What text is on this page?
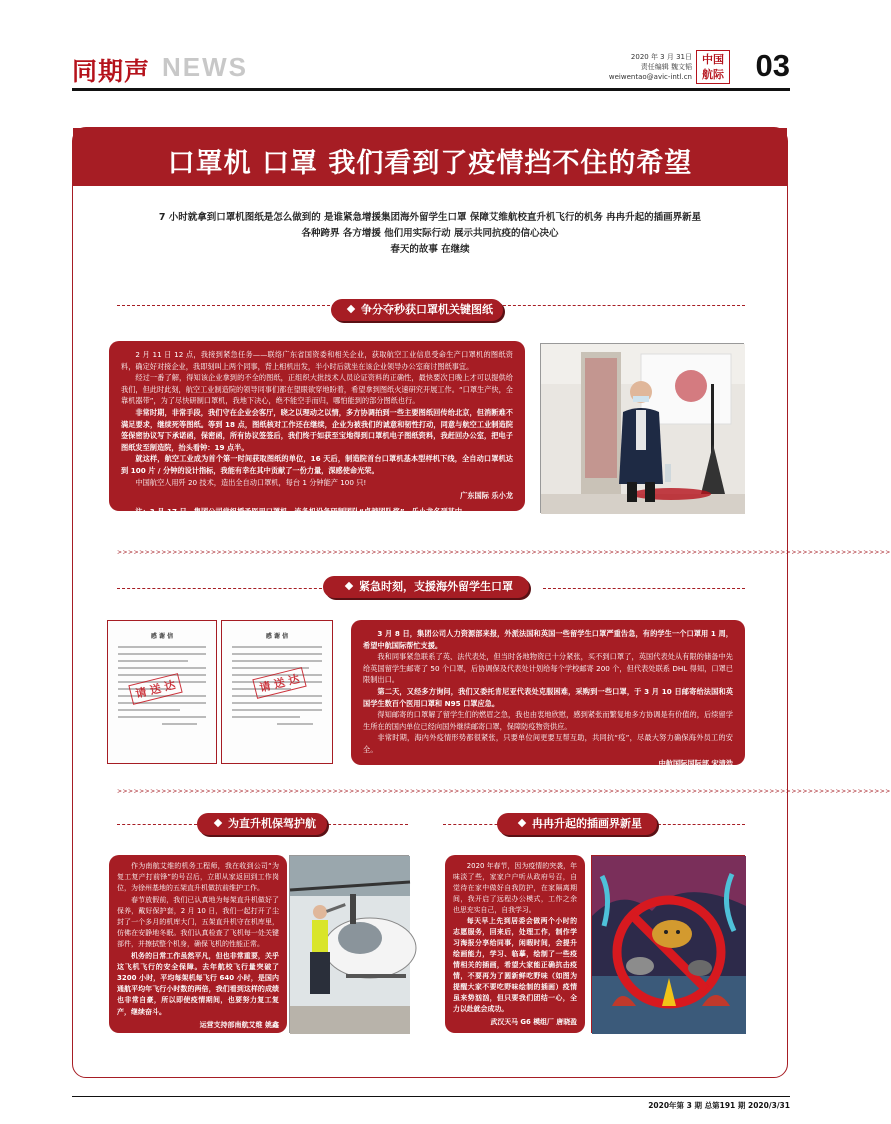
同期声 NEWS	2020 年 3 月 31日
责任编辑 魏文韬
weiwentao@avic-intl.cn
中国
航际 03
口罩机 口罩 我们看到了疫情挡不住的希望
7 小时就拿到口罩机图纸是怎么做到的 是谁紧急增援集团海外留学生口罩 保障艾维航校直升机飞行的机务 冉冉升起的插画界新星
各种跨界 各方增援 他们用实际行动 展示共同抗疫的信心决心
春天的故事 在继续
争分夺秒获口罩机关键图纸

2 月 11 日 12 点，我接到紧急任务——联络广东省国资委和相关企业，获取航空工业信息受命生产口罩机的图纸资料，确定好对接企业，我即刻叫上两个同事，背上相机出发，半小时后就坐在该企业领导办公室商讨图纸事宜。

经过一番了解，得知该企业拿到的不全的图纸，正组织大批技术人员论证资料的正确性，最快要次日晚上才可以提供给我们，但此时此刻，航空工业制造院的领导同事们都在望眼欲穿地盼着，希望拿到图纸火速研究开展工作。“口罩生产快，全靠机器带”，为了尽快研制口罩机，我地下决心，绝不能空手而归，哪怕能到的部分图纸也行。

非常时期，非常手段，我们守在企业会客厅，晓之以理动之以情，多方协调拍到一些主要图纸回传给北京，但消断难不满足要求，继续死等图纸。等到 18 点，图纸核对工作还在继续，企业为被我们的诚意和韧性打动，同意与航空工业制造院签保密协议写下承诺函，保密函，所有协议签签后，我们终于如获至宝地得到口罩机电子图纸资料，我赶回办公室，把电子图纸发至制造院，抬头看钟：19 点半。

就这样，航空工业成为首个第一时间获取图纸的单位，16 天后，制造院首台口罩机基本型样机下线，全自动口罩机达到 100 片 / 分钟的设计指标，我能有幸在其中贡献了一份力量，深感使命光荣。

中国航空人用歼 20 技术，造出全自动口罩机，每台 1 分钟能产 100 只!

广东国际 乐小龙

注：3 月 17 日，集团公司党组授予医用口罩机、连条机设备研制团队“卓越团队奖”，乐小龙名列其中。

>>>>>>>>>>>>>>>>>>>>>>>>>>>>>>>>>>>>>>>>>>>>>>>>>>>>>>>>>>>>>>>>>>>>>>>>>>>>>>>>>>>>>>>>>>>>>>>>>>>>>>>>>>>>>>>>>>>>>>>>>>>>>>>>>>>>>>>>>>>>
紧急时刻，支援海外留学生口罩
感 谢 信
请 送 达
感 谢 信
请 送 达

3 月 8 日，集团公司人力资源部来报，外派法国和英国一些留学生口罩严重告急，有的学生一个口罩用 1 周，希望中航国际帮忙支援。

我和同事紧急联系了英、法代表处，但当时各地物资已十分紧张，买不到口罩了，英国代表处从有限的储备中先给英国留学生邮寄了 50 个口罩，后协调保及代表处计划给每个学校邮寄 200 个，但代表处联系 DHL 得知，口罩已限制出口。

第二天，又经多方询问，我们又委托肯尼亚代表处克服困难，采购到一些口罩，于 3 月 10 日邮寄给法国和英国学生数百个医用口罩和 N95 口罩应急。

得知邮寄的口罩解了留学生们的燃眉之急，我也由衷地欣慰，感到紧张而繁复地多方协调是有价值的，后续留学生所在的国内单位已经向国外继续邮寄口罩，保障防疫物资供应。

非常时期，海内外疫情形势都很紧张，只要单位间更要互帮互助，共同抗“疫”，尽最大努力确保海外员工的安全。

中航国际国际部 宋清浩

注：图片为集团公司赴法国和英国访问学者、航空青年骨干留学项目学员发来的感谢信。

>>>>>>>>>>>>>>>>>>>>>>>>>>>>>>>>>>>>>>>>>>>>>>>>>>>>>>>>>>>>>>>>>>>>>>>>>>>>>>>>>>>>>>>>>>>>>>>>>>>>>>>>>>>>>>>>>>>>>>>>>>>>>>>>>>>>>>>>>>>>
为直升机保驾护航

作为南航艾维的机务工程师，我在收到公司“为复工复产打前锋”的号召后，立即从家返回到工作岗位，为徐州基地的五架直升机做抗前维护工作。

春节放假前，我们已认真地为每架直升机做好了保养，戴好保护套，2 月 10 日，我们一起打开了尘封了一个多月的机库大门，五架直升机守在机库里，仿佛在安静地冬眠。我们认真检查了飞机每一处关键部件，并擦拭整个机身，确保飞机的性能正常。

机务的日常工作虽然平凡，但也非常重要，关乎这飞机飞行的安全保障。去年航校飞行量突破了 3200 小时，平均每架机每飞行 640 小时，是国内通航平均年飞行小时数的两倍，我们看到这样的成绩也非常自豪，所以即使疫情期间，也要努力复工复产，继续奋斗。

运营支持部南航艾维 姚鑫

冉冉升起的插画界新星

2020 年春节，因为疫情的突袭，年味淡了些，家家户户听从政府号召，自觉待在家中做好自我防护，在家隔离期间，我开启了远程办公模式，工作之余也思充实自己，自我学习。

每天早上先到居委会做两个小时的志愿服务，回来后，处理工作，制作学习海报分享给同事，闲暇时间，会提升绘画能力，学习、临摹，绘制了一些疫情相关的插画，希望大家能正确抗击疫情，不要再为了圆新鲜吃野味（如图为提醒大家不要吃野味绘制的插画）疫情虽来势汹汹，但只要我们团结一心，全力以赴就会成功。

武汉天马 G6 模组厂 唐晓盈

2020年第 3 期 总第191 期 2020/3/31
